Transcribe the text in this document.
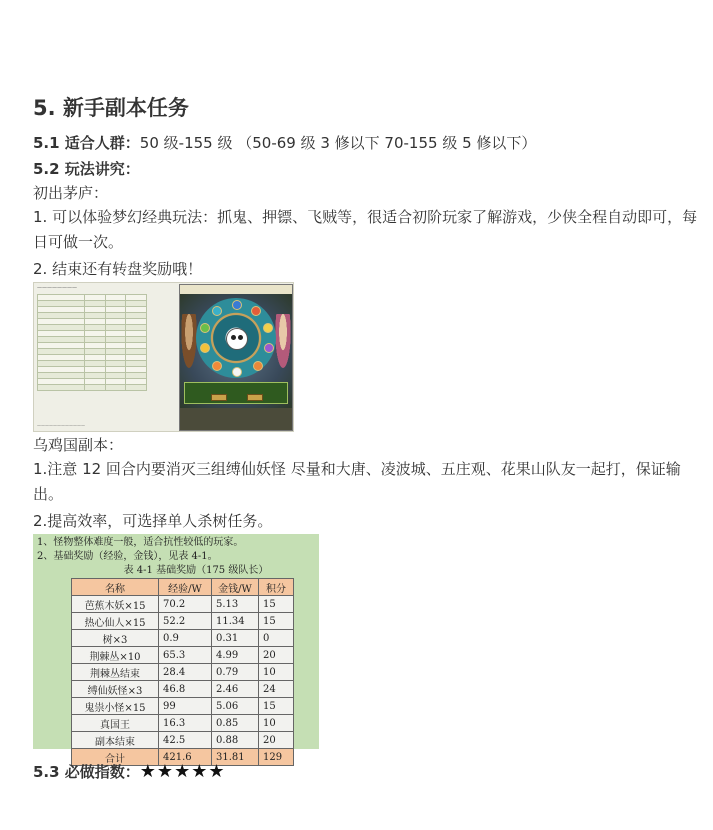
5. 新手副本任务
5.1 适合人群：50 级-155 级 （50-69 级 3 修以下 70-155 级 5 修以下）
5.2 玩法讲究：
初出茅庐：
1. 可以体验梦幻经典玩法：抓鬼、押镖、飞贼等，很适合初阶玩家了解游戏，少侠全程自动即可，每日可做一次。
2. 结束还有转盘奖励哦！
————————

————————————
乌鸡国副本：
1.注意 12 回合内要消灭三组缚仙妖怪 尽量和大唐、凌波城、五庄观、花果山队友一起打，保证输出。
2.提高效率，可选择单人杀树任务。
1、怪物整体难度一般，适合抗性较低的玩家。
2、基础奖励（经验，金钱），见表 4-1。
表 4-1 基础奖励（175 级队长）
名称	经验/W	金钱/W	积分
芭蕉木妖×15	70.2	5.13	15
热心仙人×15	52.2	11.34	15
树×3	0.9	0.31	0
荆棘丛×10	65.3	4.99	20
荆棘丛结束	28.4	0.79	10
缚仙妖怪×3	46.8	2.46	24
鬼祟小怪×15	99	5.06	15
真国王	16.3	0.85	10
副本结束	42.5	0.88	20
合计	421.6	31.81	129
5.3 必做指数：★★★★★
